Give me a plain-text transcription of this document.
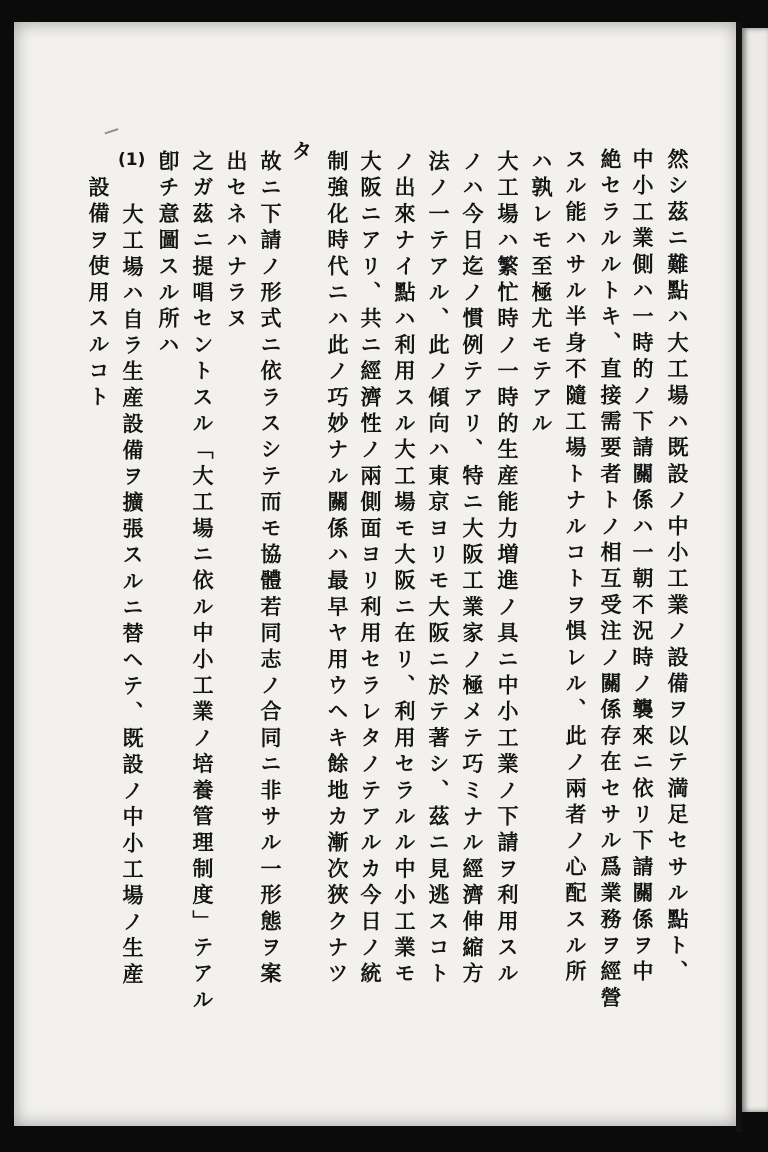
然シ茲ニ難點ハ大工場ハ既設ノ中小工業ノ設備ヲ以テ満足セサル點ト、
中小工業側ハ一時的ノ下請關係ハ一朝不況時ノ襲來ニ依リ下請關係ヲ中
絶セラルルトキ、直接需要者トノ相互受注ノ關係存在セサル爲業務ヲ經營
スル能ハサル半身不隨工場トナルコトヲ惧レル、此ノ兩者ノ心配スル所
ハ孰レモ至極尤モテアル
大工場ハ繁忙時ノ一時的生産能力増進ノ具ニ中小工業ノ下請ヲ利用スル
ノハ今日迄ノ慣例テアリ、特ニ大阪工業家ノ極メテ巧ミナル經濟伸縮方
法ノ一テアル、此ノ傾向ハ東京ヨリモ大阪ニ於テ著シ、茲ニ見逃スコト
ノ出來ナイ點ハ利用スル大工場モ大阪ニ在リ、利用セラルル中小工業モ
大阪ニアリ、共ニ經濟性ノ兩側面ヨリ利用セラレタノテアルカ今日ノ統
制強化時代ニハ此ノ巧妙ナル關係ハ最早ヤ用ウヘキ餘地カ漸次狹クナツ
タ
故ニ下請ノ形式ニ依ラスシテ而モ協體若同志ノ合同ニ非サル一形態ヲ案
出セネハナラヌ
之ガ茲ニ提唱セントスル「大工場ニ依ル中小工業ノ培養管理制度」テアル
卽チ意圖スル所ハ
(1)
大工場ハ自ラ生産設備ヲ擴張スルニ替ヘテ、既設ノ中小工場ノ生産
設備ヲ使用スルコト
